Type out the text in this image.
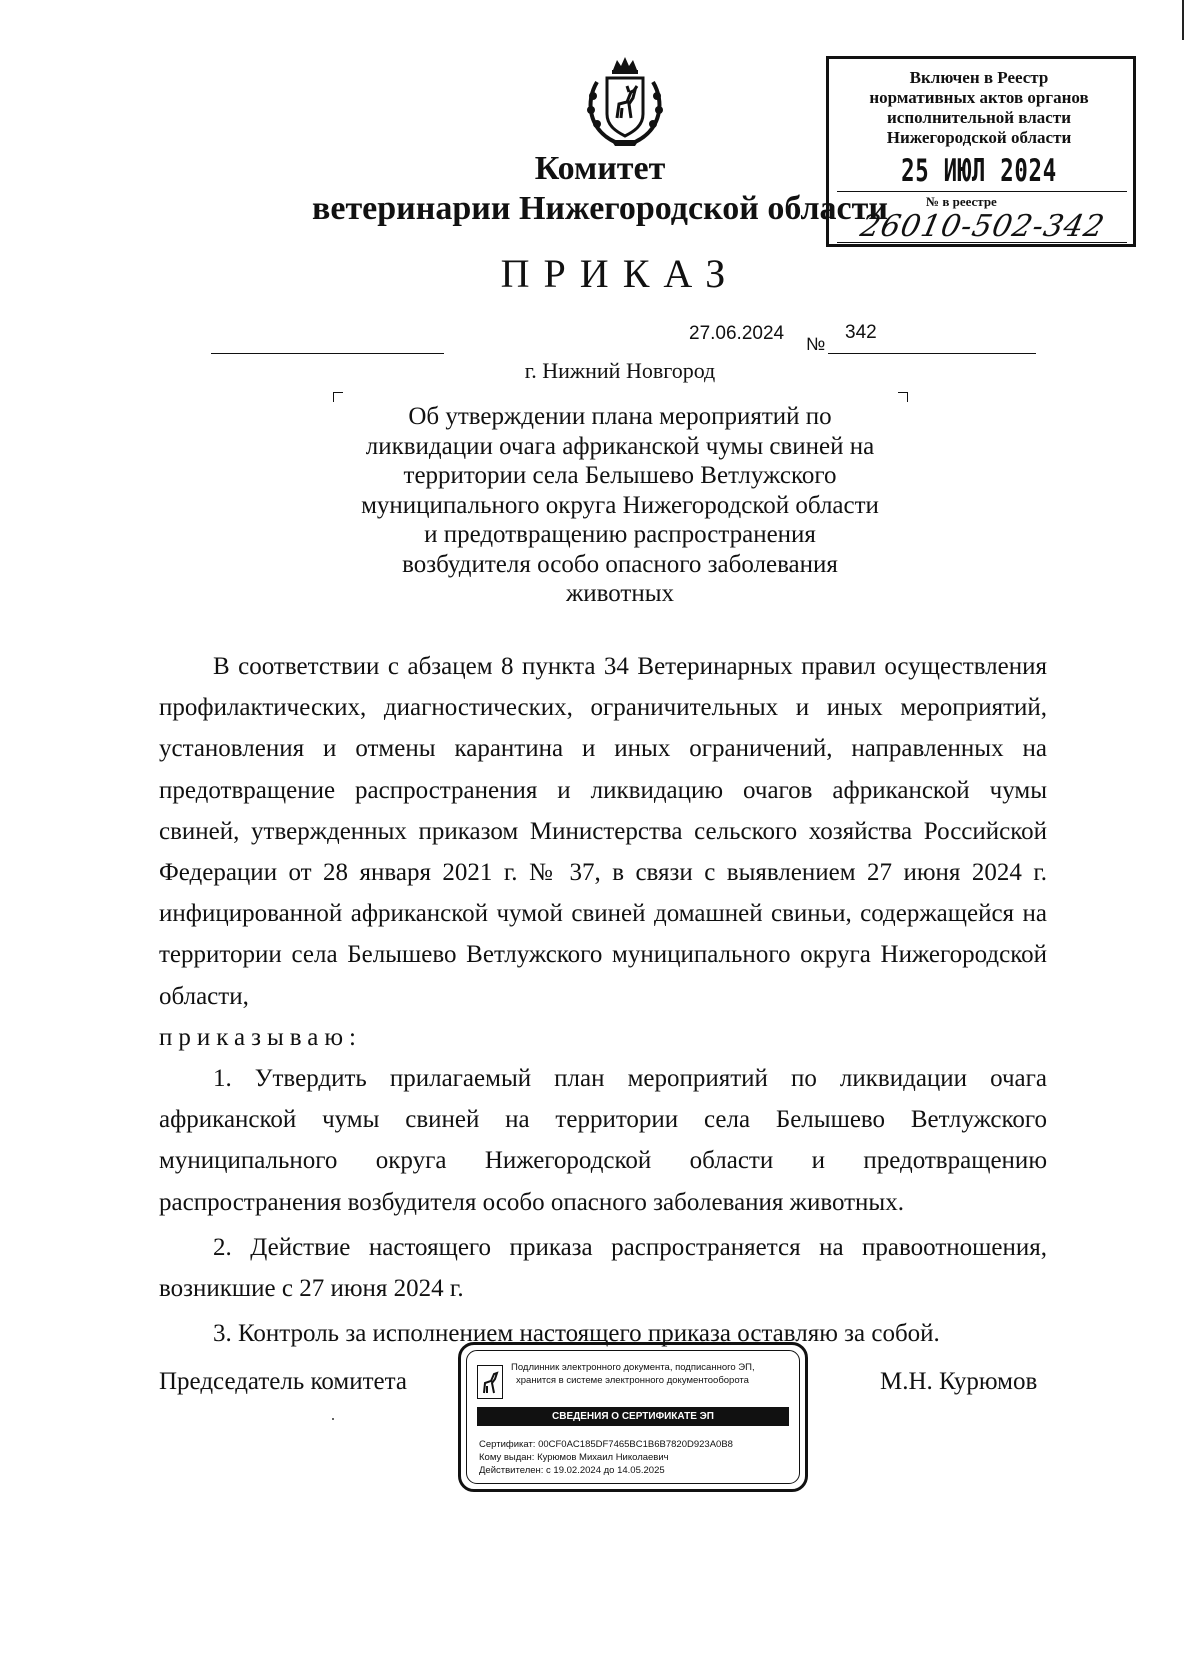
Комитет
ветеринарии Нижегородской области
ПРИКАЗ
Включен в Реестр
нормативных актов органов
исполнительной власти
Нижегородской области
25 ИЮЛ 2024
№ в реестре
26010-502-342
27.06.2024 №
342
г. Нижний Новгород
Об утверждении плана мероприятий по
ликвидации очага африканской чумы свиней на
территории села Белышево Ветлужского
муниципального округа Нижегородской области
и предотвращению распространения
возбудителя особо опасного заболевания
животных

В соответствии с абзацем 8 пункта 34 Ветеринарных правил осуществления профилактических, диагностических, ограничительных и иных мероприятий, установления и отмены карантина и иных ограничений, направленных на предотвращение распространения и ликвидацию очагов африканской чумы свиней, утвержденных приказом Министерства сельского хозяйства Российской Федерации от 28 января 2021 г. № 37, в связи с выявлением 27 июня 2024 г. инфицированной африканской чумой свиней домашней свиньи, содержащейся на территории села Белышево Ветлужского муниципального округа Нижегородской области,

приказываю:

1. Утвердить прилагаемый план мероприятий по ликвидации очага африканской чумы свиней на территории села Белышево Ветлужского муниципального округа Нижегородской области и предотвращению распространения возбудителя особо опасного заболевания животных.

2. Действие настоящего приказа распространяется на правоотношения, возникшие с 27 июня 2024 г.

3. Контроль за исполнением настоящего приказа оставляю за собой.

Председатель комитета	М.Н. Курюмов
Подлинник электронного документа, подписанного ЭП,
хранится в системе электронного документооборота
СВЕДЕНИЯ О СЕРТИФИКАТЕ ЭП
Сертификат: 00CF0AC185DF7465BC1B6B7820D923A0B8
Кому выдан: Курюмов Михаил Николаевич
Действителен: с 19.02.2024 до 14.05.2025
